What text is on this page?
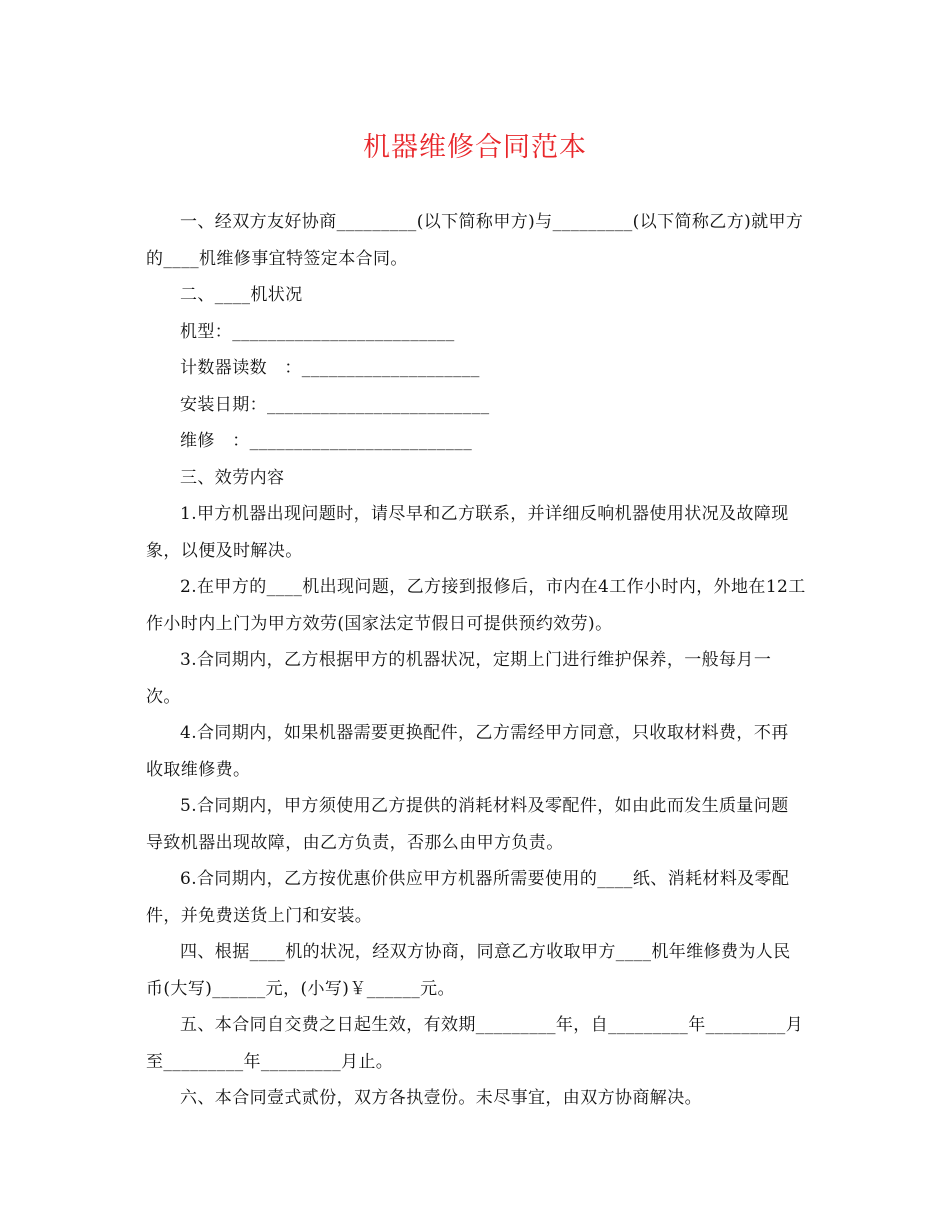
机器维修合同范本

一、经双方友好协商_________(以下简称甲方)与_________(以下简称乙方)就甲方的____机维修事宜特签定本合同。

二、____机状况

机型：_________________________

计数器读数　：____________________

安装日期：_________________________

维修　：_________________________

三、效劳内容

1.甲方机器出现问题时，请尽早和乙方联系，并详细反响机器使用状况及故障现象，以便及时解决。

2.在甲方的____机出现问题，乙方接到报修后，市内在4工作小时内，外地在12工作小时内上门为甲方效劳(国家法定节假日可提供预约效劳)。

3.合同期内，乙方根据甲方的机器状况，定期上门进行维护保养，一般每月一次。

4.合同期内，如果机器需要更换配件，乙方需经甲方同意，只收取材料费，不再收取维修费。

5.合同期内，甲方须使用乙方提供的消耗材料及零配件，如由此而发生质量问题导致机器出现故障，由乙方负责，否那么由甲方负责。

6.合同期内，乙方按优惠价供应甲方机器所需要使用的____纸、消耗材料及零配件，并免费送货上门和安装。

四、根据____机的状况，经双方协商，同意乙方收取甲方____机年维修费为人民币(大写)______元，(小写)￥______元。

五、本合同自交费之日起生效，有效期_________年，自_________年_________月至_________年_________月止。

六、本合同壹式贰份，双方各执壹份。未尽事宜，由双方协商解决。
